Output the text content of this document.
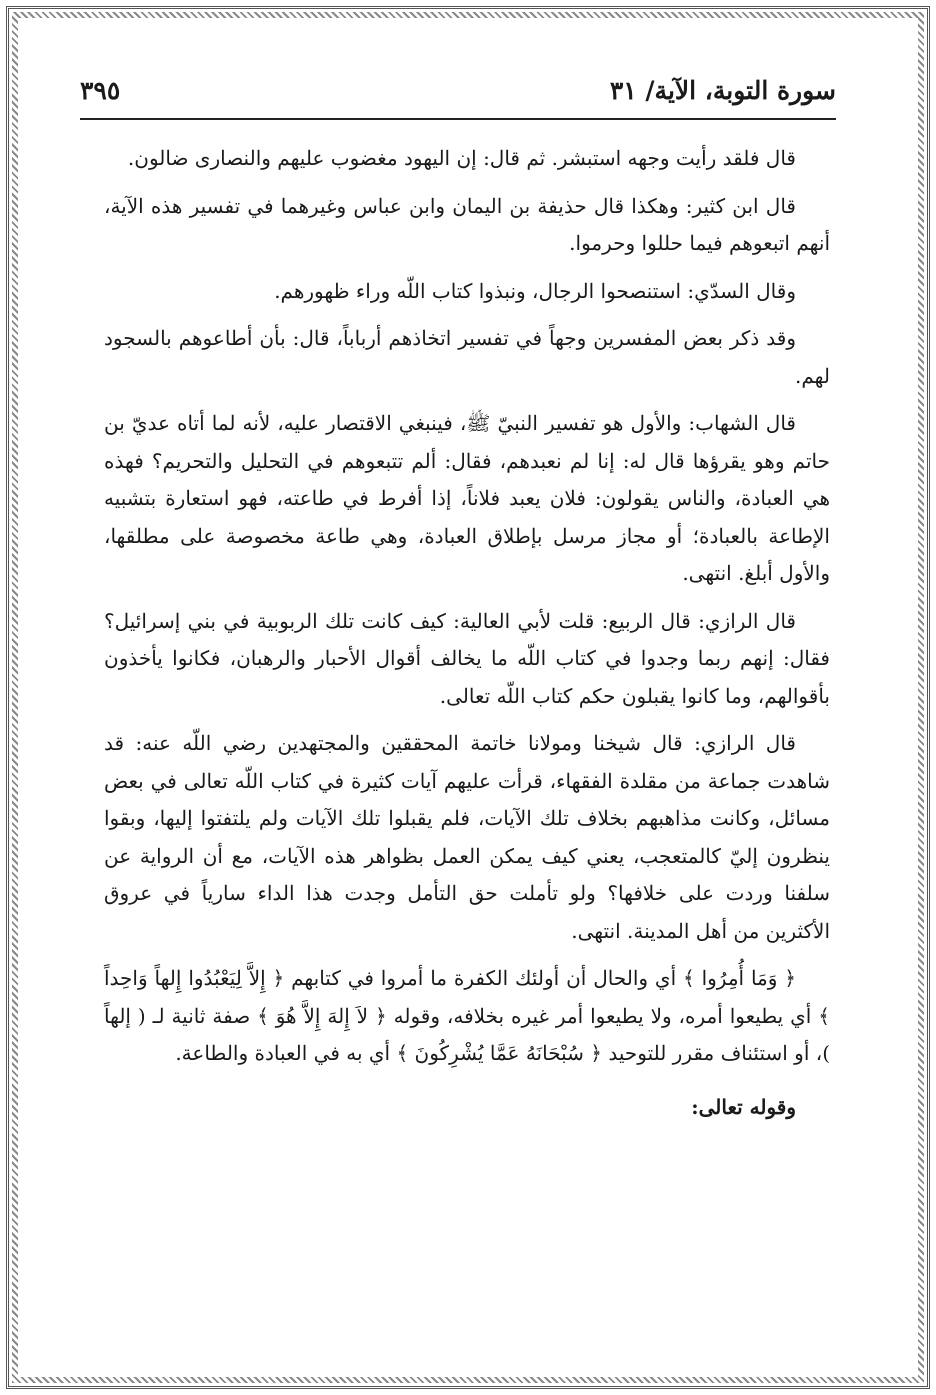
سورة التوبة، الآية/ ٣١
٣٩٥

قال فلقد رأيت وجهه استبشر. ثم قال: إن اليهود مغضوب عليهم والنصارى ضالون.

قال ابن كثير: وهكذا قال حذيفة بن اليمان وابن عباس وغيرهما في تفسير هذه الآية، أنهم اتبعوهم فيما حللوا وحرموا.

وقال السدّي: استنصحوا الرجال، ونبذوا كتاب اللّه وراء ظهورهم.

وقد ذكر بعض المفسرين وجهاً في تفسير اتخاذهم أرباباً، قال: بأن أطاعوهم بالسجود لهم.

قال الشهاب: والأول هو تفسير النبيّ ﷺ، فينبغي الاقتصار عليه، لأنه لما أتاه عديّ بن حاتم وهو يقرؤها قال له: إنا لم نعبدهم، فقال: ألم تتبعوهم في التحليل والتحريم؟ فهذه هي العبادة، والناس يقولون: فلان يعبد فلاناً، إذا أفرط في طاعته، فهو استعارة بتشبيه الإطاعة بالعبادة؛ أو مجاز مرسل بإطلاق العبادة، وهي طاعة مخصوصة على مطلقها، والأول أبلغ. انتهى.

قال الرازي: قال الربيع: قلت لأبي العالية: كيف كانت تلك الربوبية في بني إسرائيل؟ فقال: إنهم ربما وجدوا في كتاب اللّه ما يخالف أقوال الأحبار والرهبان، فكانوا يأخذون بأقوالهم، وما كانوا يقبلون حكم كتاب اللّه تعالى.

قال الرازي: قال شيخنا ومولانا خاتمة المحققين والمجتهدين رضي اللّه عنه: قد شاهدت جماعة من مقلدة الفقهاء، قرأت عليهم آيات كثيرة في كتاب اللّه تعالى في بعض مسائل، وكانت مذاهبهم بخلاف تلك الآيات، فلم يقبلوا تلك الآيات ولم يلتفتوا إليها، وبقوا ينظرون إليّ كالمتعجب، يعني كيف يمكن العمل بظواهر هذه الآيات، مع أن الرواية عن سلفنا وردت على خلافها؟ ولو تأملت حق التأمل وجدت هذا الداء سارياً في عروق الأكثرين من أهل المدينة. انتهى.

﴿ وَمَا أُمِرُوا ﴾ أي والحال أن أولئك الكفرة ما أمروا في كتابهم ﴿ إِلاَّ لِيَعْبُدُوا إِلهاً وَاحِداً ﴾ أي يطيعوا أمره، ولا يطيعوا أمر غيره بخلافه، وقوله ﴿ لاَ إِلهَ إِلاَّ هُوَ ﴾ صفة ثانية لـ ( إلهاً )، أو استئناف مقرر للتوحيد ﴿ سُبْحَانَهُ عَمَّا يُشْرِكُونَ ﴾ أي به في العبادة والطاعة.

وقوله تعالى:
